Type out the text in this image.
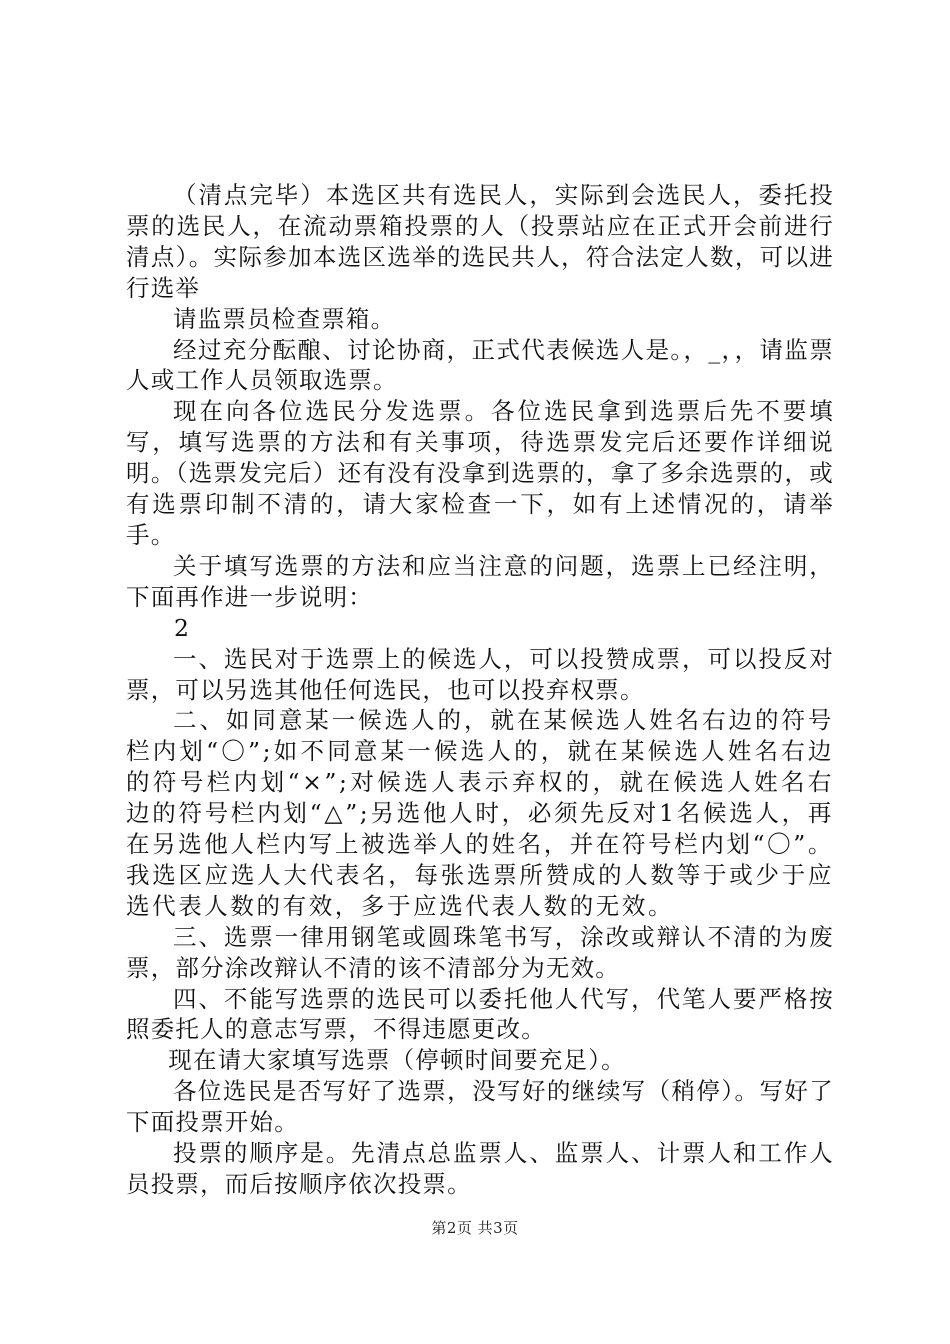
（清点完毕）本选区共有选民人，实际到会选民人，委托投票的选民人，在流动票箱投票的人（投票站应在正式开会前进行清点）。实际参加本选区选举的选民共人，符合法定人数，可以进行选举

请监票员检查票箱。

经过充分酝酿、讨论协商，正式代表候选人是。，_，，请监票人或工作人员领取选票。

现在向各位选民分发选票。各位选民拿到选票后先不要填写，填写选票的方法和有关事项，待选票发完后还要作详细说明。（选票发完后）还有没有没拿到选票的，拿了多余选票的，或有选票印制不清的，请大家检查一下，如有上述情况的，请举手。

关于填写选票的方法和应当注意的问题，选票上已经注明，下面再作进一步说明：

2

一、选民对于选票上的候选人，可以投赞成票，可以投反对票，可以另选其他任何选民，也可以投弃权票。

二、如同意某一候选人的，就在某候选人姓名右边的符号栏内划“〇”;如不同意某一候选人的，就在某候选人姓名右边的符号栏内划“×”;对候选人表示弃权的，就在候选人姓名右边的符号栏内划“△”;另选他人时，必须先反对1名候选人，再在另选他人栏内写上被选举人的姓名，并在符号栏内划“〇”。我选区应选人大代表名，每张选票所赞成的人数等于或少于应选代表人数的有效，多于应选代表人数的无效。

三、选票一律用钢笔或圆珠笔书写，涂改或辩认不清的为废票，部分涂改辩认不清的该不清部分为无效。

四、不能写选票的选民可以委托他人代写，代笔人要严格按照委托人的意志写票，不得违愿更改。

现在请大家填写选票（停顿时间要充足）。

各位选民是否写好了选票，没写好的继续写（稍停）。写好了下面投票开始。

投票的顺序是。先清点总监票人、监票人、计票人和工作人员投票，而后按顺序依次投票。

第2页 共3页
